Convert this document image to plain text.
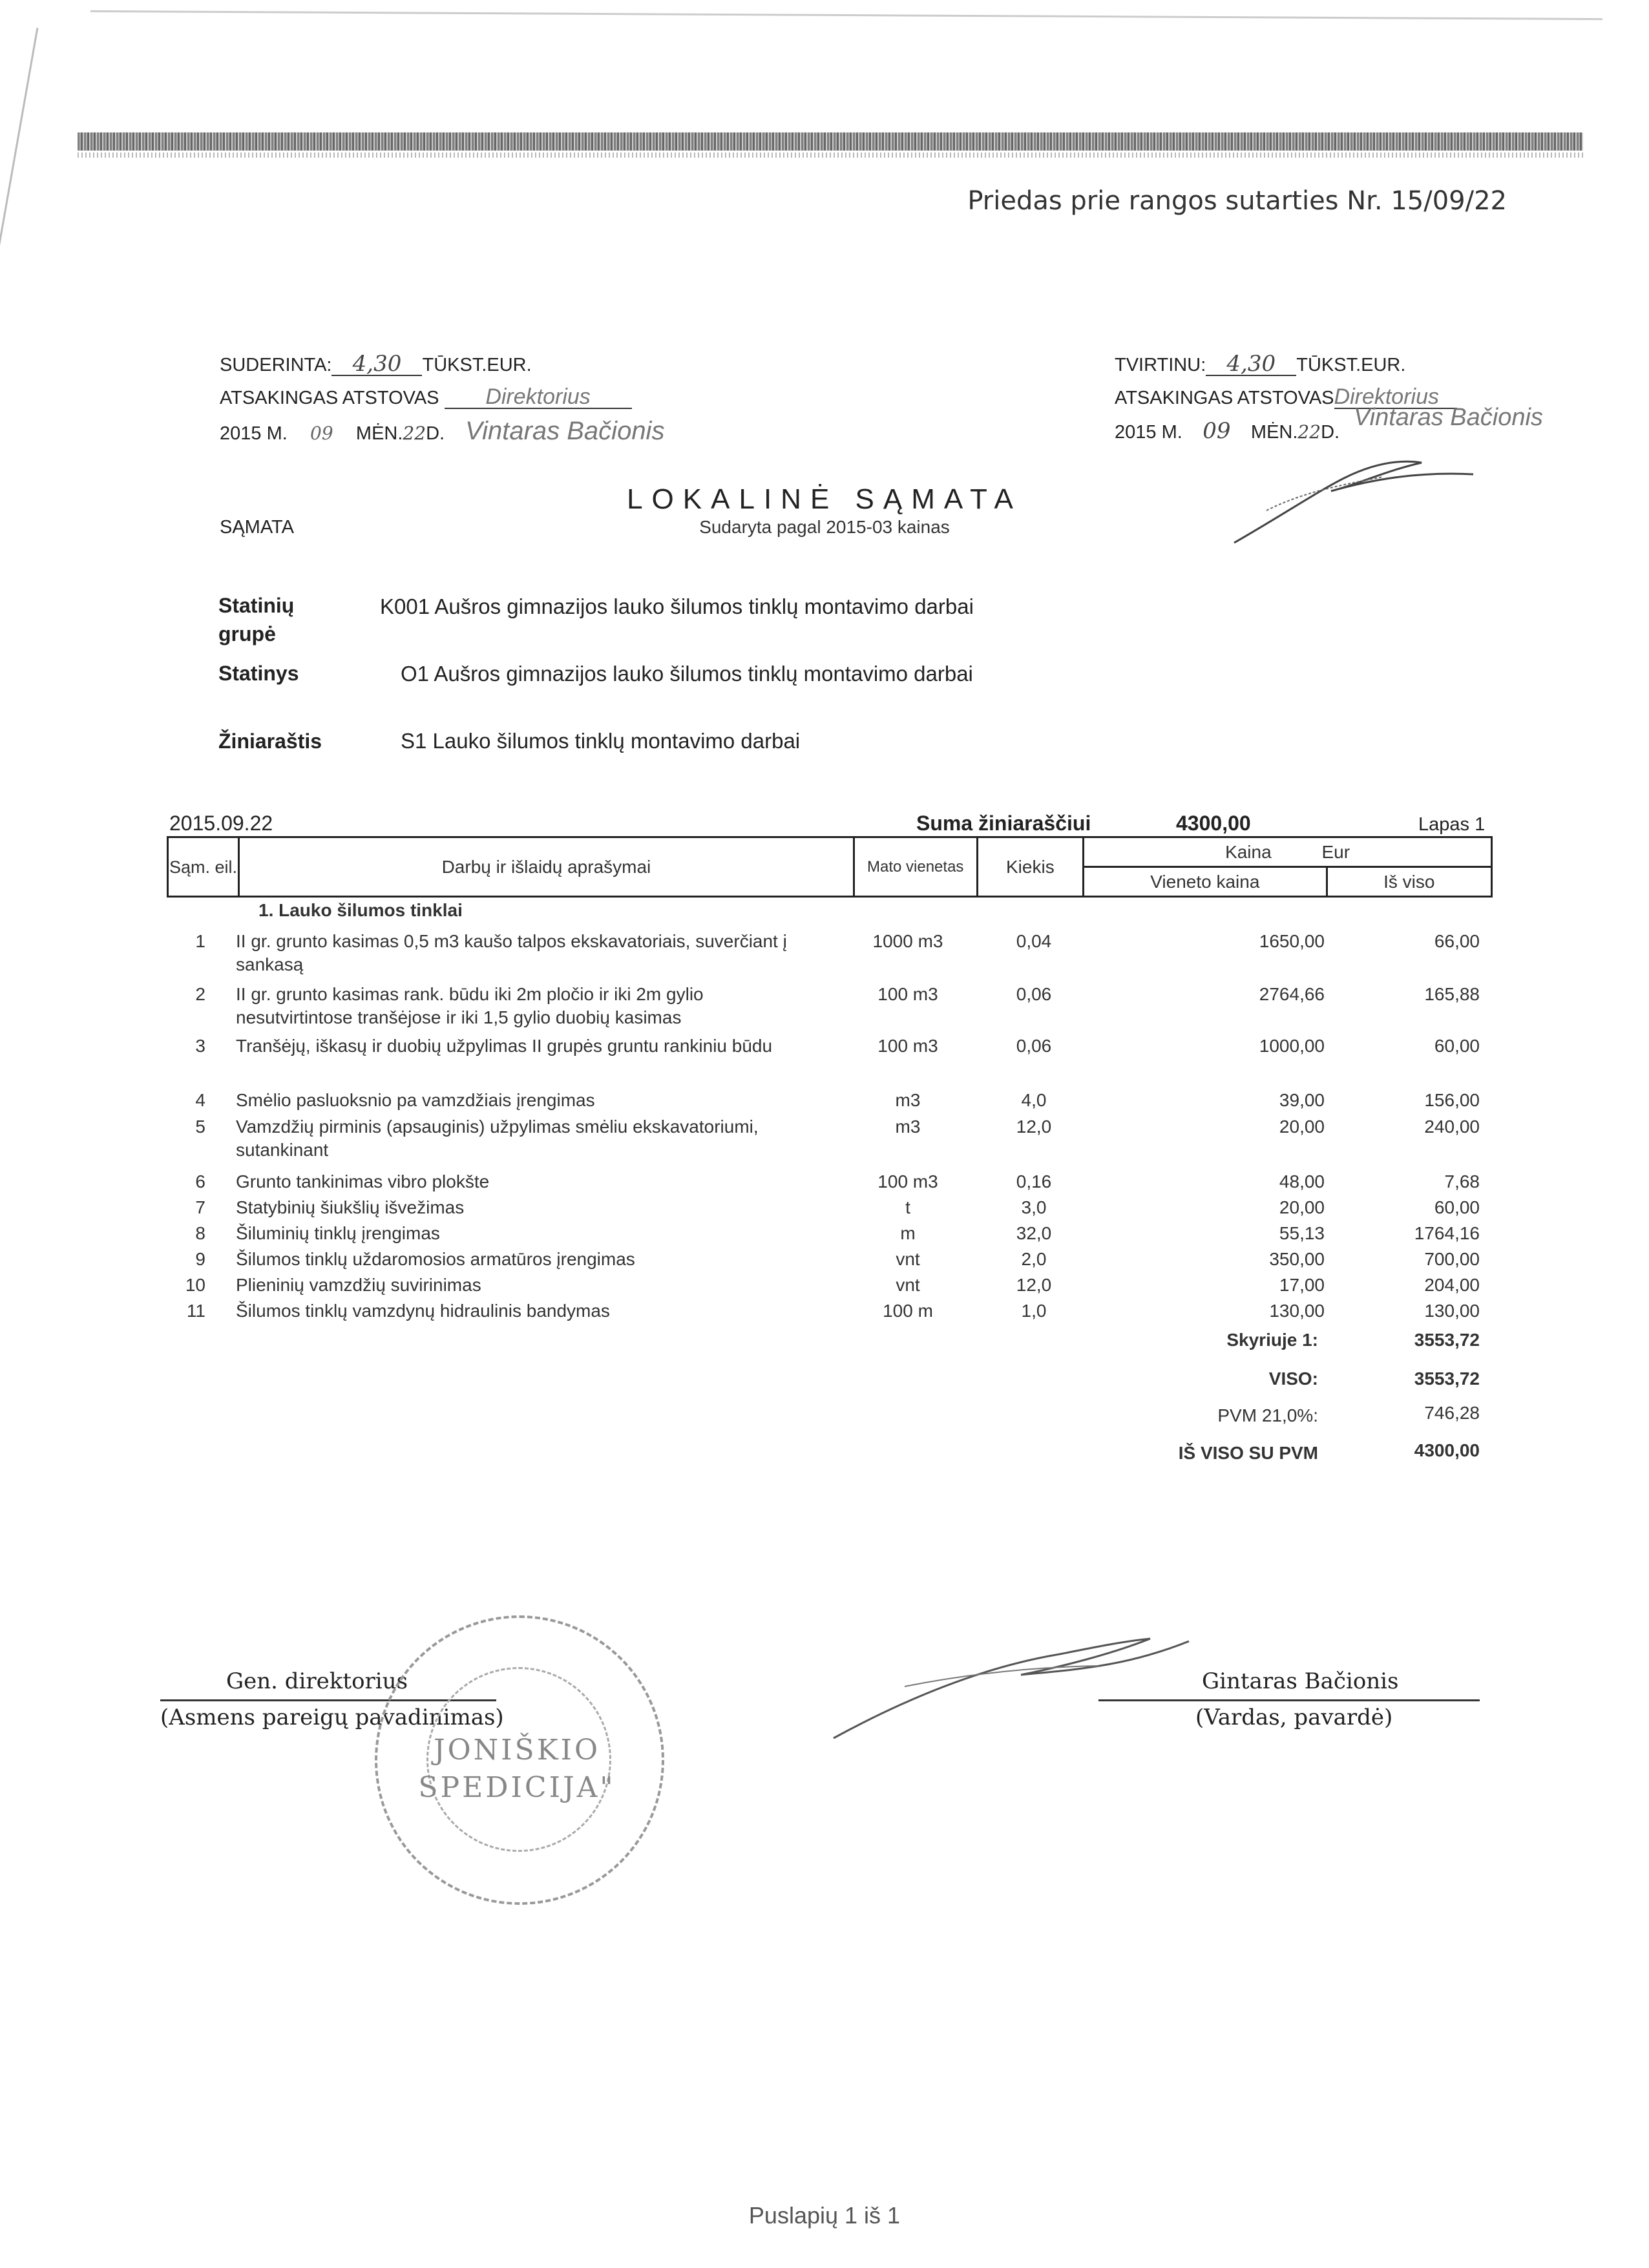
Priedas prie rangos sutarties Nr. 15/09/22
SUDERINTA: 4,30 TŪKST.EUR.
ATSAKINGAS ATSTOVAS Direktorius
2015 M. 09 MĖN.22D. Vintaras Bačionis
TVIRTINU: 4,30 TŪKST.EUR.
ATSAKINGAS ATSTOVASDirektorius
2015 M. 09 MĖN.22D.
Vintaras Bačionis
LOKALINĖ SĄMATA
Sudaryta pagal 2015-03 kainas
SĄMATA
Statinių grupė
K001 Aušros gimnazijos lauko šilumos tinklų montavimo darbai
Statinys	O1 Aušros gimnazijos lauko šilumos tinklų montavimo darbai
Žiniaraštis	S1 Lauko šilumos tinklų montavimo darbai
2015.09.22	Suma žiniaraščiui	4300,00	Lapas 1
Sąm. eil.	Darbų ir išlaidų aprašymai	Mato vienetas	Kiekis	Kaina Eur	
				Vieneto kaina	Iš viso
1. Lauko šilumos tinklai
1 II gr. grunto kasimas 0,5 m3 kaušo talpos ekskavatoriais, suverčiant į
sankasą
1000 m3	0,04	1650,00	66,00
2 II gr. grunto kasimas rank. būdu iki 2m pločio ir iki 2m gylio
nesutvirtintose tranšėjose ir iki 1,5 gylio duobių kasimas
100 m3	0,06	2764,66	165,88
3 Tranšėjų, iškasų ir duobių užpylimas II grupės gruntu rankiniu būdu	100 m3	0,06	1000,00	60,00
4 Smėlio pasluoksnio pa vamzdžiais įrengimas	m3	4,0	39,00	156,00
5 Vamzdžių pirminis (apsauginis) užpylimas smėliu ekskavatoriumi,
sutankinant
m3	12,0	20,00	240,00
6 Grunto tankinimas vibro plokšte	100 m3	0,16	48,00	7,68
7 Statybinių šiukšlių išvežimas	t	3,0	20,00	60,00
8 Šiluminių tinklų įrengimas	m	32,0	55,13	1764,16
9 Šilumos tinklų uždaromosios armatūros įrengimas	vnt	2,0	350,00	700,00
10 Plieninių vamzdžių suvirinimas	vnt	12,0	17,00	204,00
11 Šilumos tinklų vamzdynų hidraulinis bandymas	100 m	1,0	130,00	130,00
Skyriuje 1:	3553,72
VISO:	3553,72
PVM 21,0%:	746,28
IŠ VISO SU PVM	4300,00
Gen. direktorius
(Asmens pareigų pavadinimas)
Gintaras Bačionis
(Vardas, pavardė)
JONIŠKIO
SPEDICIJA"
Puslapių 1 iš 1
